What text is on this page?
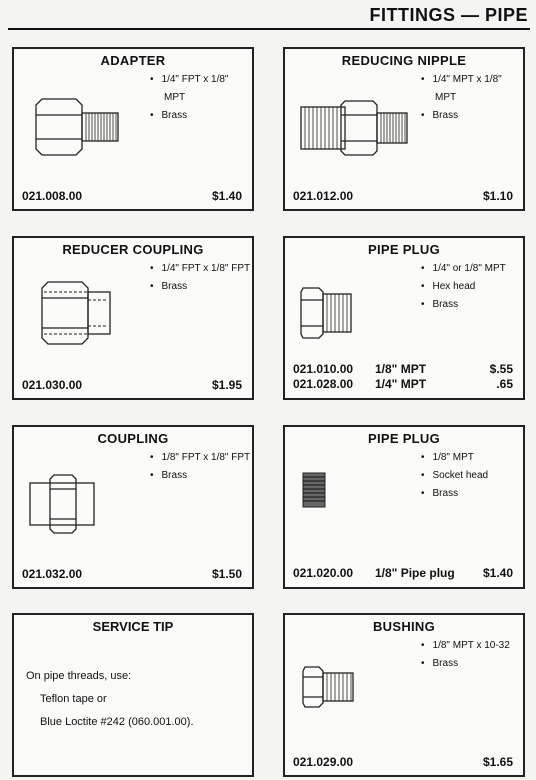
FITTINGS — PIPE
ADAPTER
• 1/4" FPT x 1/8" MPT
• Brass
021.008.00	$1.40
REDUCING NIPPLE
• 1/4" MPT x 1/8" MPT
• Brass
021.012.00	$1.10
REDUCER COUPLING
• 1/4" FPT x 1/8" FPT
• Brass
021.030.00	$1.95
PIPE PLUG
• 1/4" or 1/8" MPT
• Hex head
• Brass
021.010.00	1/8" MPT	$.55
021.028.00	1/4" MPT	.65
COUPLING
• 1/8" FPT x 1/8" FPT
• Brass
021.032.00	$1.50
PIPE PLUG
• 1/8" MPT
• Socket head
• Brass
021.020.00	1/8" Pipe plug	$1.40
SERVICE TIP
On pipe threads, use:
Teflon tape or
Blue Loctite #242 (060.001.00).
BUSHING
• 1/8" MPT x 10-32
• Brass
021.029.00	$1.65
